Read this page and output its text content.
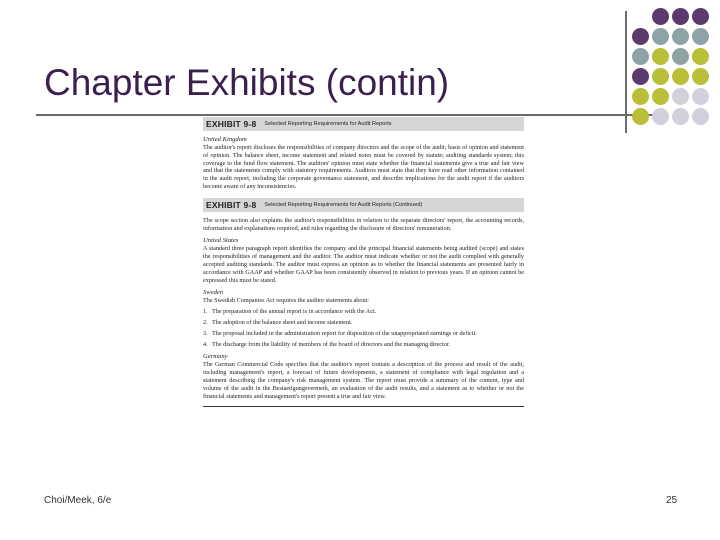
Chapter Exhibits (contin)
EXHIBIT 9-8 Selected Reporting Requirements for Audit Reports
United Kingdom
The auditor's report discloses the responsibilities of company directors and the scope of the audit; basis of opinion and statement of opinion. The balance sheet, income statement and related notes must be covered by statute; auditing standards system; this coverage to the fund flow statement. The auditors' opinion must state whether the financial statements give a true and fair view and that the statements comply with statutory requirements. Auditors must state that they have read other information contained in the audit report, including the corporate governance statement, and describe implications for the audit report if the auditors become aware of any inconsistencies.
EXHIBIT 9-8 Selected Reporting Requirements for Audit Reports (Continued)
The scope section also explains the auditor's responsibilities in relation to the separate directors' report, the accounting records, information and explanations required, and rules regarding the disclosure of directors' remuneration.
United States
A standard three paragraph report identifies the company and the principal financial statements being audited (scope) and states the responsibilities of management and the auditor. The auditor must indicate whether or not the audit complied with generally accepted auditing standards. The auditor must express an opinion as to whether the financial statements are presented fairly in accordance with GAAP and whether GAAP has been consistently observed in relation to previous years. If an opinion cannot be expressed this must be stated.
Sweden
The Swedish Companies Act requires the auditor statements about:
1. The preparation of the annual report is in accordance with the Act.
2. The adoption of the balance sheet and income statement.
3. The proposal included in the administration report for disposition of the unappropriated earnings or deficit.
4. The discharge from the liability of members of the board of directors and the managing director.
Germany
The German Commercial Code specifies that the auditor's report contain a description of the process and result of the audit, including management's report, a forecast of future developments, a statement of compliance with legal regulation and a statement describing the company's risk management system. The report must provide a summary of the content, type and volume of the audit in the Bestaetigungsvermerk, an evaluation of the audit results, and a statement as to whether or not the financial statements and management's report present a true and fair view.
Choi/Meek, 6/e	25
